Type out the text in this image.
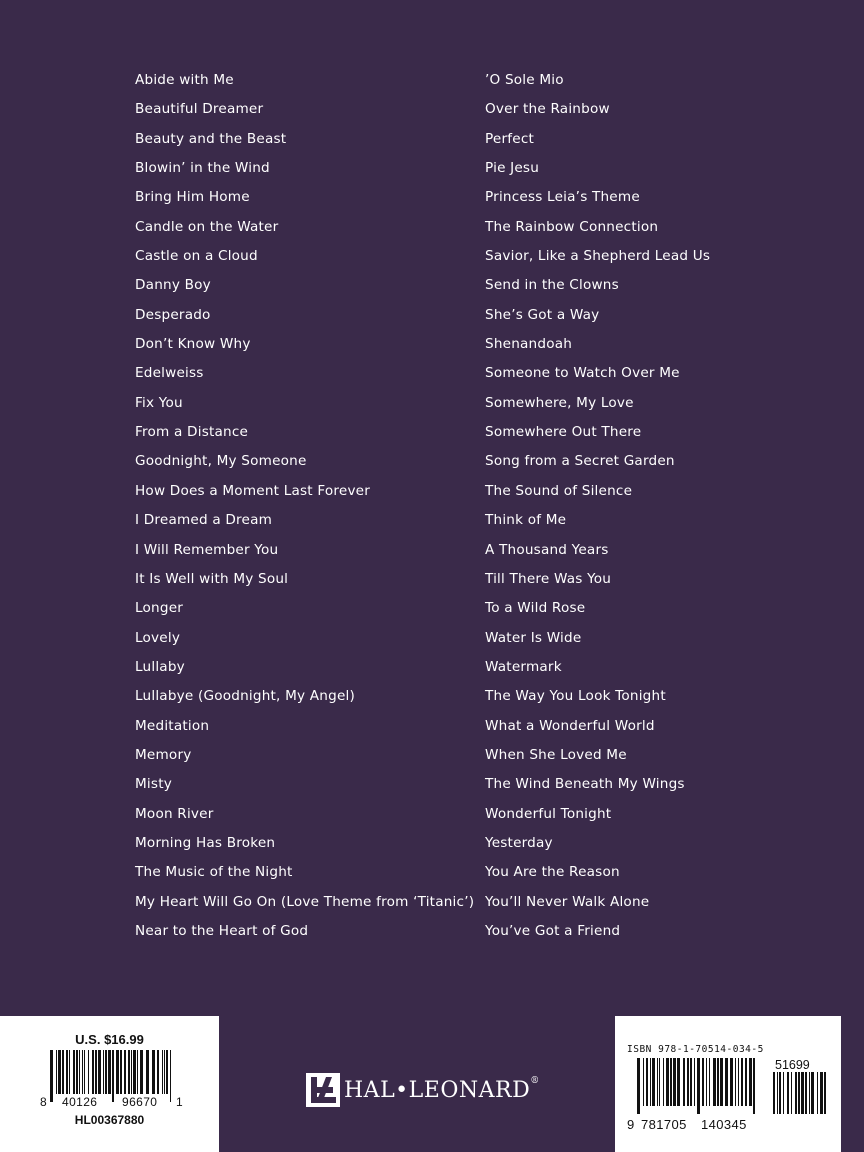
Abide with Me
Beautiful Dreamer
Beauty and the Beast
Blowin’ in the Wind
Bring Him Home
Candle on the Water
Castle on a Cloud
Danny Boy
Desperado
Don’t Know Why
Edelweiss
Fix You
From a Distance
Goodnight, My Someone
How Does a Moment Last Forever
I Dreamed a Dream
I Will Remember You
It Is Well with My Soul
Longer
Lovely
Lullaby
Lullabye (Goodnight, My Angel)
Meditation
Memory
Misty
Moon River
Morning Has Broken
The Music of the Night
My Heart Will Go On (Love Theme from ‘Titanic’)
Near to the Heart of God
’O Sole Mio
Over the Rainbow
Perfect
Pie Jesu
Princess Leia’s Theme
The Rainbow Connection
Savior, Like a Shepherd Lead Us
Send in the Clowns
She’s Got a Way
Shenandoah
Someone to Watch Over Me
Somewhere, My Love
Somewhere Out There
Song from a Secret Garden
The Sound of Silence
Think of Me
A Thousand Years
Till There Was You
To a Wild Rose
Water Is Wide
Watermark
The Way You Look Tonight
What a Wonderful World
When She Loved Me
The Wind Beneath My Wings
Wonderful Tonight
Yesterday
You Are the Reason
You’ll Never Walk Alone
You’ve Got a Friend
U.S. $16.99
8 40126 96670 1
HL00367880
HAL•LEONARD®
ISBN 978-1-70514-034-5
51699
9 781705 140345
